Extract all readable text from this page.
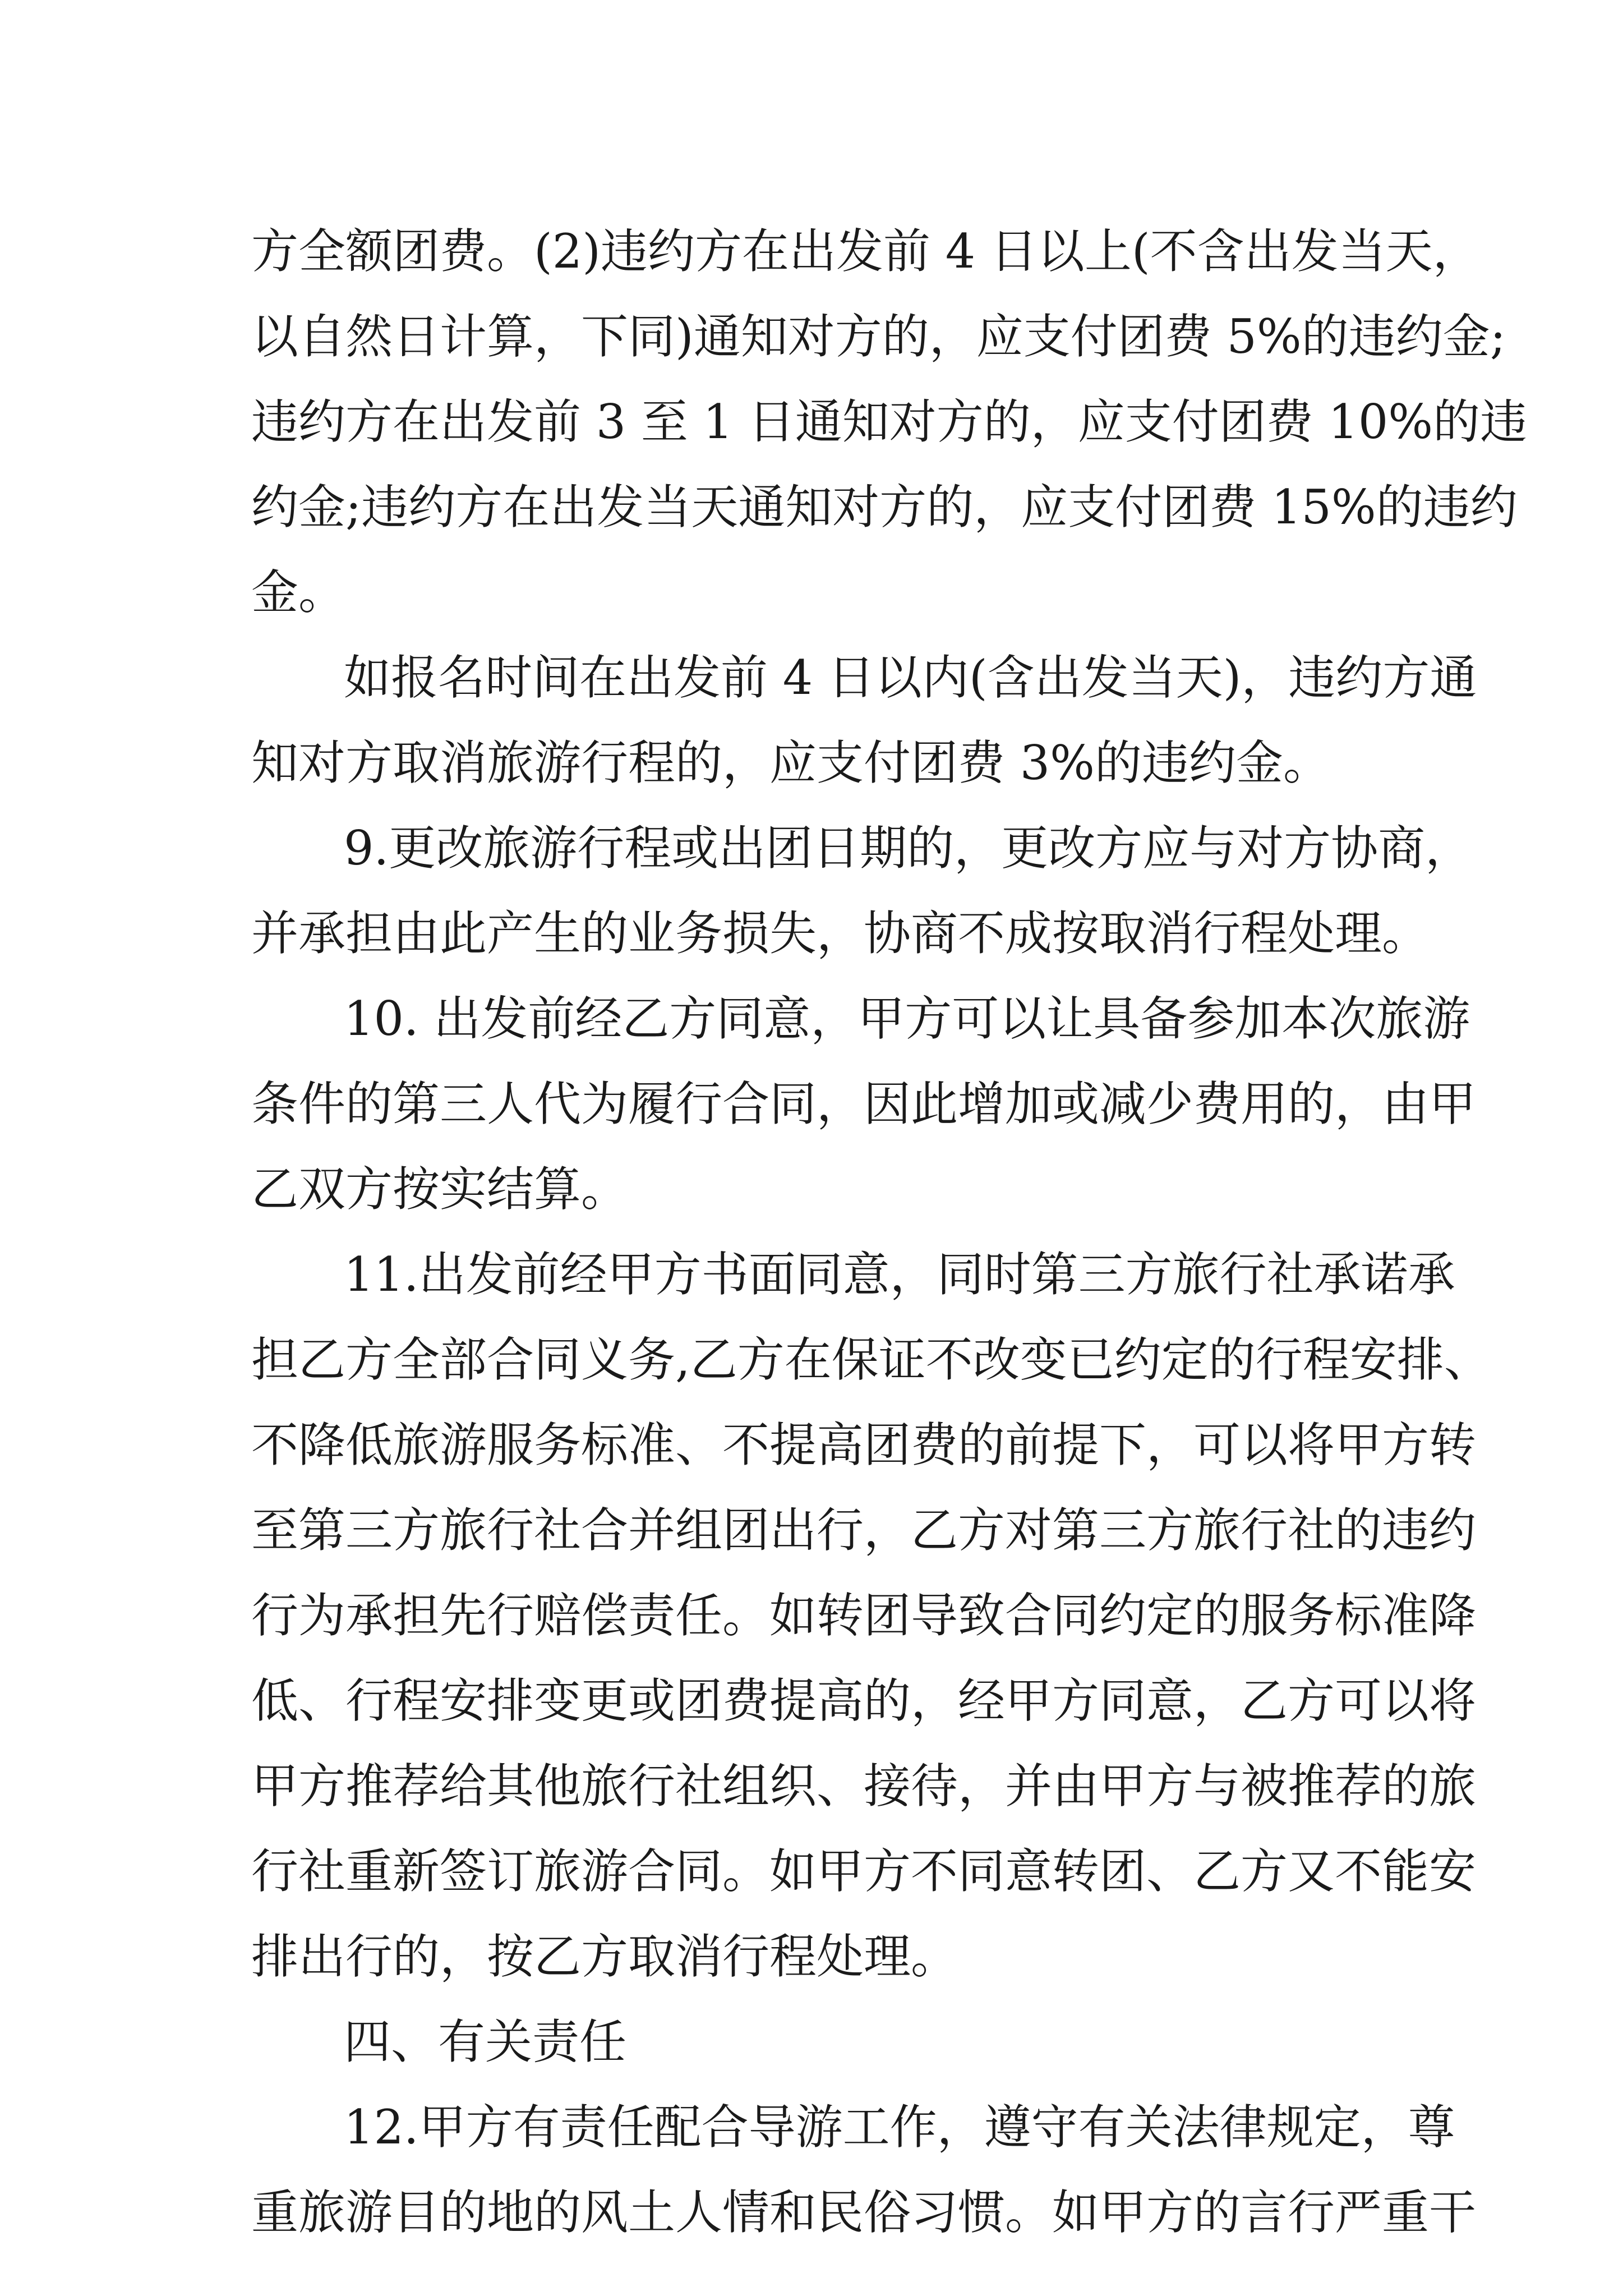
方全额团费。(2)违约方在出发前 4 日以上(不含出发当天，
以自然日计算，下同)通知对方的，应支付团费 5%的违约金;
违约方在出发前 3 至 1 日通知对方的，应支付团费 10%的违
约金;违约方在出发当天通知对方的，应支付团费 15%的违约
金。
如报名时间在出发前 4 日以内(含出发当天)，违约方通
知对方取消旅游行程的，应支付团费 3%的违约金。
9.更改旅游行程或出团日期的，更改方应与对方协商，
并承担由此产生的业务损失，协商不成按取消行程处理。
10. 出发前经乙方同意，甲方可以让具备参加本次旅游
条件的第三人代为履行合同，因此增加或减少费用的，由甲
乙双方按实结算。
11.出发前经甲方书面同意，同时第三方旅行社承诺承
担乙方全部合同义务,乙方在保证不改变已约定的行程安排、
不降低旅游服务标准、不提高团费的前提下，可以将甲方转
至第三方旅行社合并组团出行，乙方对第三方旅行社的违约
行为承担先行赔偿责任。如转团导致合同约定的服务标准降
低、行程安排变更或团费提高的，经甲方同意，乙方可以将
甲方推荐给其他旅行社组织、接待，并由甲方与被推荐的旅
行社重新签订旅游合同。如甲方不同意转团、乙方又不能安
排出行的，按乙方取消行程处理。
四、有关责任
12.甲方有责任配合导游工作，遵守有关法律规定，尊
重旅游目的地的风土人情和民俗习惯。如甲方的言行严重干
